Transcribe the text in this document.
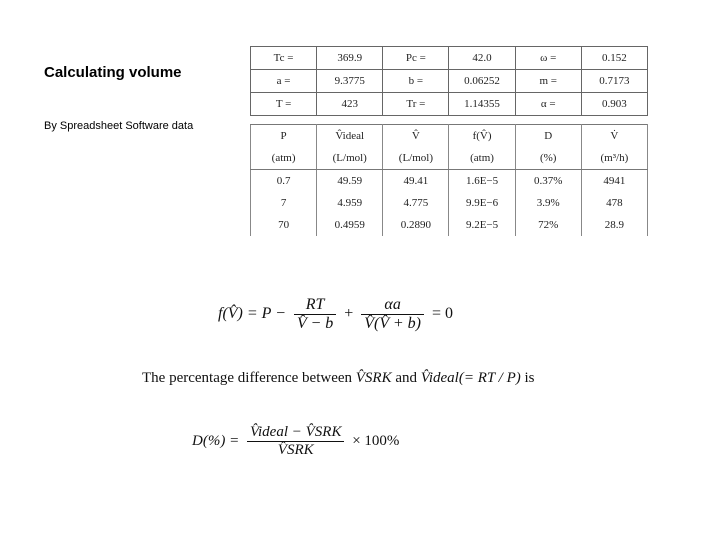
Calculating volume
By Spreadsheet Software data
Tc =	369.9	Pc =	42.0	ω =	0.152
a =	9.3775	b =	0.06252	m =	0.7173
T =	423	Tr =	1.14355	α =	0.903
P	V̂ideal	V̂	f(V̂)	D	V̇
(atm)	(L/mol)	(L/mol)	(atm)	(%)	(m³/h)
0.7	49.59	49.41	1.6E−5	0.37%	4941
7	4.959	4.775	9.9E−6	3.9%	478
70	0.4959	0.2890	9.2E−5	72%	28.9
f(V̂) = $P - \frac{RT}{V̂ - b} + \frac{\alpha a}{V̂(V̂ + b)} = 0$
The percentage difference between V̂SRK and V̂ideal(= RT / P) is
$D(\%) = \frac{\text{V̂ideal − V̂SRK}}{\text{V̂SRK}} \times 100\%$
